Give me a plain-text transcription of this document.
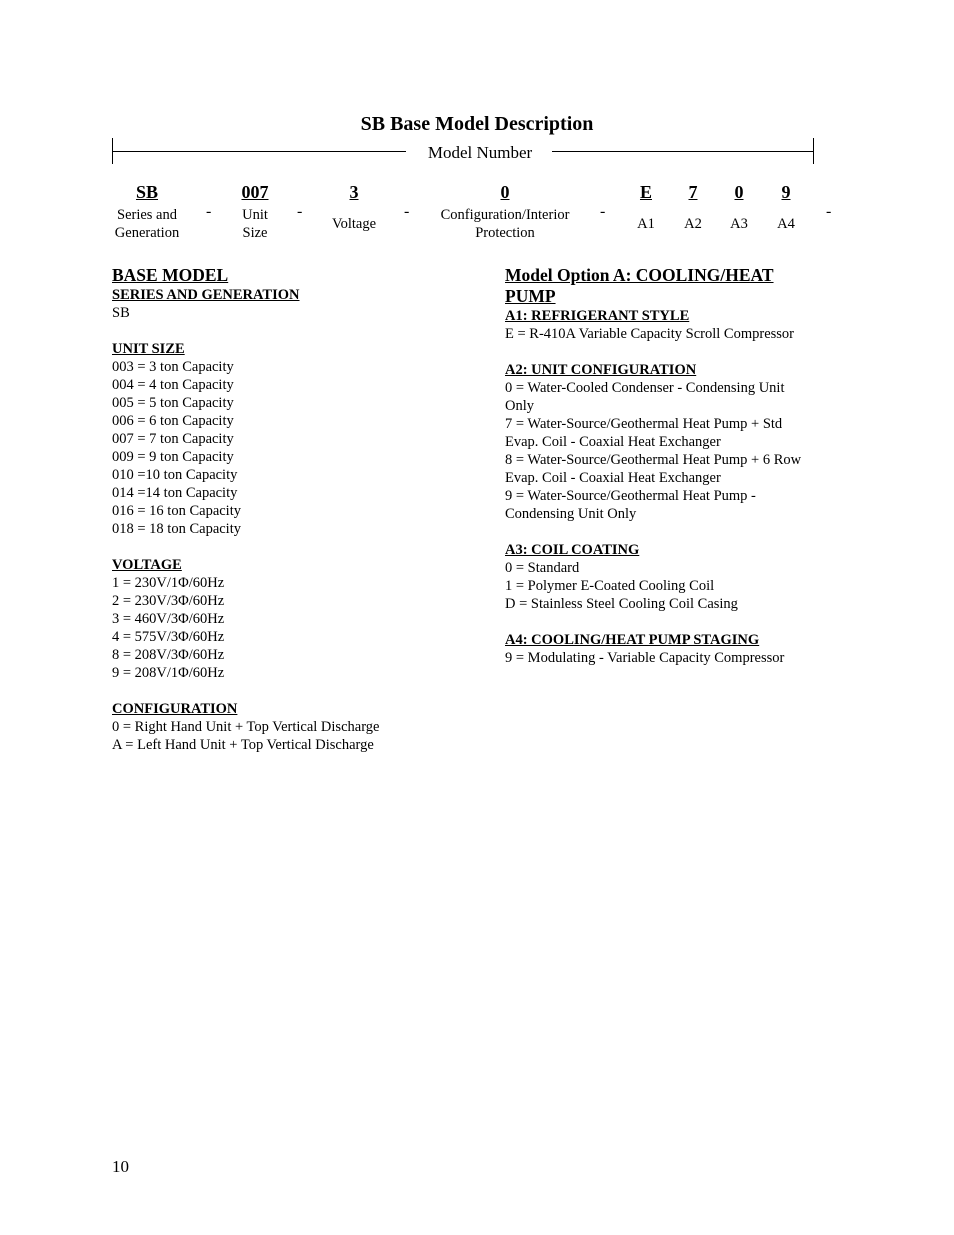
SB Base Model Description
Model Number
SB
Series and
Generation
-
007
Unit
Size
-
3
Voltage
-
0
Configuration/Interior
Protection
-
E
A1
7
A2
0
A3
9
A4
-
BASE MODEL
SERIES AND GENERATION
SB

UNIT SIZE
003 = 3 ton Capacity
004 = 4 ton Capacity
005 = 5 ton Capacity
006 = 6 ton Capacity
007 = 7 ton Capacity
009 = 9 ton Capacity
010 =10 ton Capacity
014 =14 ton Capacity
016 = 16 ton Capacity
018 = 18 ton Capacity

VOLTAGE
1 = 230V/1Φ/60Hz
2 = 230V/3Φ/60Hz
3 = 460V/3Φ/60Hz
4 = 575V/3Φ/60Hz
8 = 208V/3Φ/60Hz
9 = 208V/1Φ/60Hz

CONFIGURATION
0 = Right Hand Unit + Top Vertical Discharge
A = Left Hand Unit + Top Vertical Discharge
Model Option A: COOLING/HEAT
PUMP
A1: REFRIGERANT STYLE
E = R-410A Variable Capacity Scroll Compressor

A2: UNIT CONFIGURATION
0 = Water-Cooled Condenser - Condensing Unit
Only
7 = Water-Source/Geothermal Heat Pump + Std
Evap. Coil - Coaxial Heat Exchanger
8 = Water-Source/Geothermal Heat Pump + 6 Row
Evap. Coil - Coaxial Heat Exchanger
9 = Water-Source/Geothermal Heat Pump -
Condensing Unit Only

A3: COIL COATING
0 = Standard
1 = Polymer E-Coated Cooling Coil
D = Stainless Steel Cooling Coil Casing

A4: COOLING/HEAT PUMP STAGING
9 = Modulating - Variable Capacity Compressor
10
